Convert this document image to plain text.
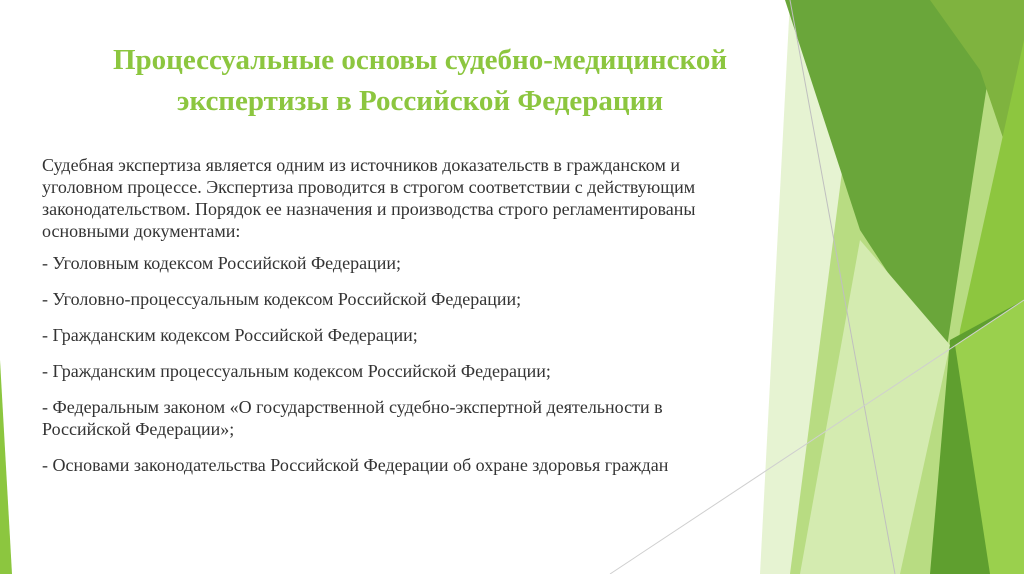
Процессуальные основы судебно-медицинской
экспертизы в Российской Федерации

Судебная экспертиза является одним из источников доказательств в гражданском и уголовном процессе. Экспертиза проводится в строгом соответствии с действующим законодательством. Порядок ее назначения и производства строго регламентированы основными документами:

- Уголовным кодексом Российской Федерации;

- Уголовно-процессуальным кодексом Российской Федерации;

- Гражданским кодексом Российской Федерации;

- Гражданским процессуальным кодексом Российской Федерации;

- Федеральным законом «О государственной судебно-экспертной деятельности в Российской Федерации»;

- Основами законодательства Российской Федерации об охране здоровья граждан
